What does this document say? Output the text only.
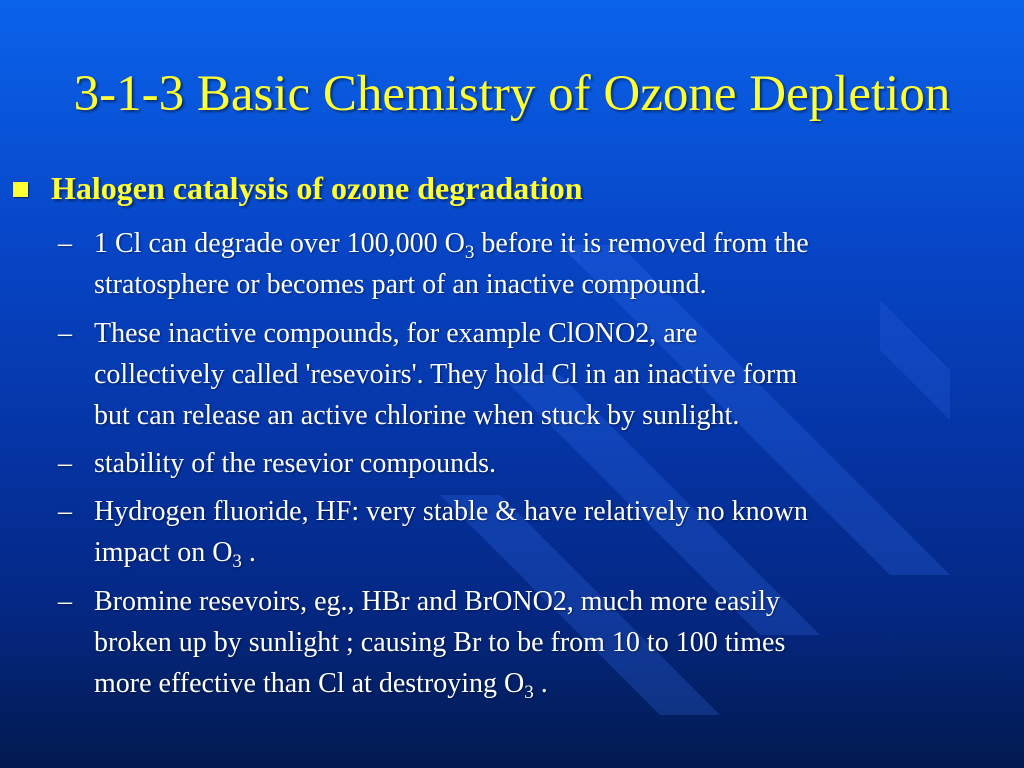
3-1-3 Basic Chemistry of Ozone Depletion
Halogen catalysis of ozone degradation
– 1 Cl can degrade over 100,000 $O_3$ before it is removed from the
stratosphere or becomes part of an inactive compound.
– These inactive compounds, for example ClONO2, are
collectively called 'resevoirs'. They hold Cl in an inactive form
but can release an active chlorine when stuck by sunlight.
– stability of the resevior compounds.
– Hydrogen fluoride, HF: very stable & have relatively no known
impact on $O_3$ .
– Bromine resevoirs, eg., HBr and BrONO2, much more easily
broken up by sunlight ; causing Br to be from 10 to 100 times
more effective than Cl at destroying $O_3$ .
